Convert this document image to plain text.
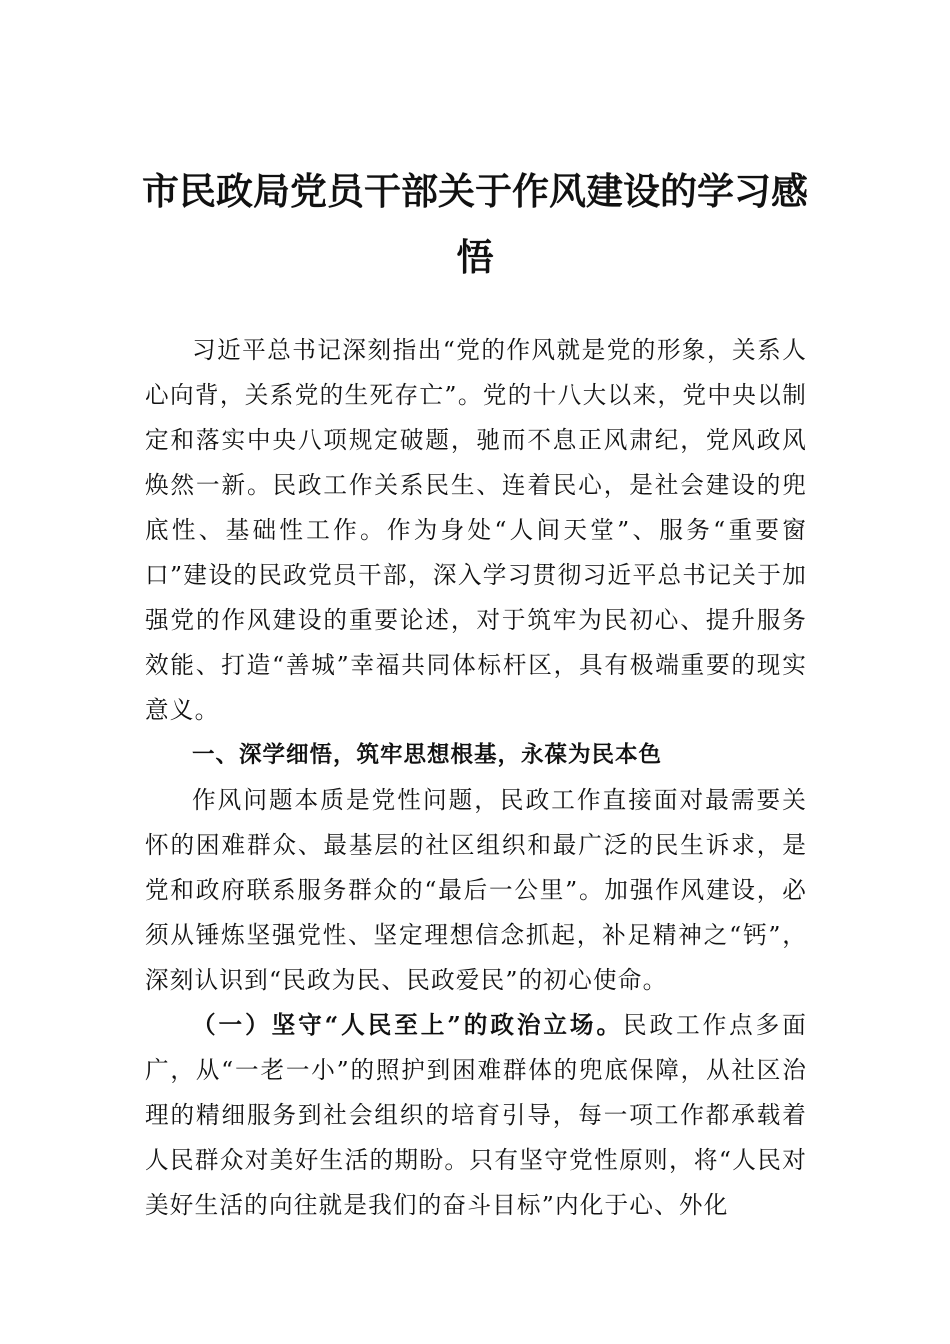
市民政局党员干部关于作风建设的学习感悟

习近平总书记深刻指出“党的作风就是党的形象，关系人心向背，关系党的生死存亡”。党的十八大以来，党中央以制定和落实中央八项规定破题，驰而不息正风肃纪，党风政风焕然一新。民政工作关系民生、连着民心，是社会建设的兜底性、基础性工作。作为身处“人间天堂”、服务“重要窗口”建设的民政党员干部，深入学习贯彻习近平总书记关于加强党的作风建设的重要论述，对于筑牢为民初心、提升服务效能、打造“善城”幸福共同体标杆区，具有极端重要的现实意义。

一、深学细悟，筑牢思想根基，永葆为民本色

作风问题本质是党性问题，民政工作直接面对最需要关怀的困难群众、最基层的社区组织和最广泛的民生诉求，是党和政府联系服务群众的“最后一公里”。加强作风建设，必须从锤炼坚强党性、坚定理想信念抓起，补足精神之“钙”，深刻认识到“民政为民、民政爱民”的初心使命。

（一）坚守“人民至上”的政治立场。民政工作点多面广，从“一老一小”的照护到困难群体的兜底保障，从社区治理的精细服务到社会组织的培育引导，每一项工作都承载着人民群众对美好生活的期盼。只有坚守党性原则，将“人民对美好生活的向往就是我们的奋斗目标”内化于心、外化
